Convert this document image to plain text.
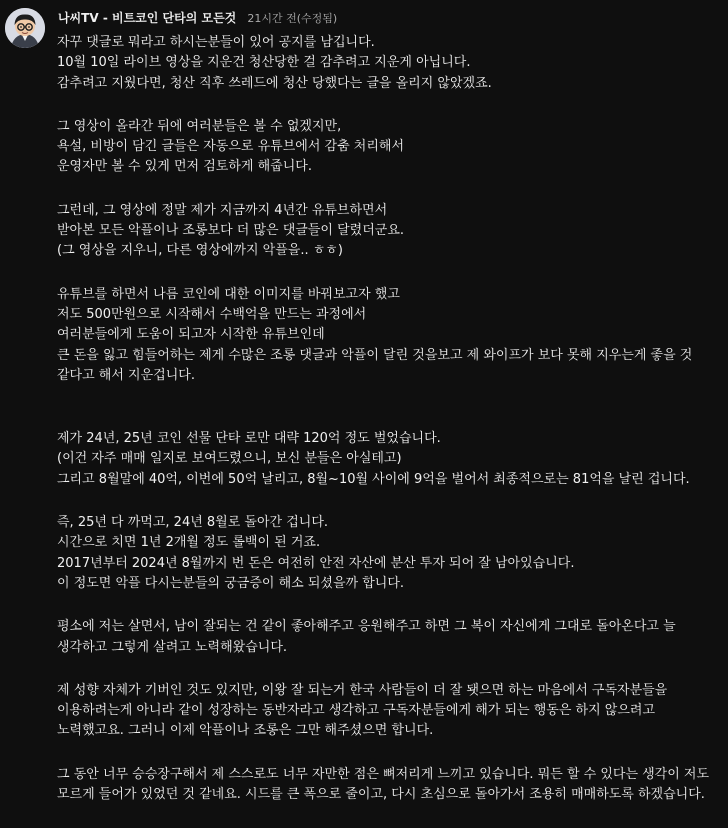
나씨TV - 비트코인 단타의 모든것 21시간 전(수정됨)
자꾸 댓글로 뭐라고 하시는분들이 있어 공지를 남깁니다.
10월 10일 라이브 영상을 지운건 청산당한 걸 감추려고 지운게 아닙니다.
감추려고 지웠다면, 청산 직후 쓰레드에 청산 당했다는 글을 올리지 않았겠죠.
그 영상이 올라간 뒤에 여러분들은 볼 수 없겠지만,
욕설, 비방이 담긴 글들은 자동으로 유튜브에서 감춤 처리해서
운영자만 볼 수 있게 먼저 검토하게 해줍니다.
그런데, 그 영상에 정말 제가 지금까지 4년간 유튜브하면서
받아본 모든 악플이나 조롱보다 더 많은 댓글들이 달렸더군요.
(그 영상을 지우니, 다른 영상에까지 악플을.. ㅎㅎ)
유튜브를 하면서 나름 코인에 대한 이미지를 바꿔보고자 했고
저도 500만원으로 시작해서 수백억을 만드는 과정에서
여러분들에게 도움이 되고자 시작한 유튜브인데
큰 돈을 잃고 힘들어하는 제게 수많은 조롱 댓글과 악플이 달린 것을보고 제 와이프가 보다 못해 지우는게 좋을 것 같다고 해서 지운겁니다.
제가 24년, 25년 코인 선물 단타 로만 대략 120억 정도 벌었습니다.
(이건 자주 매매 일지로 보여드렸으니, 보신 분들은 아실테고)
그리고 8월말에 40억, 이번에 50억 날리고, 8월~10월 사이에 9억을 벌어서 최종적으로는 81억을 날린 겁니다.
즉, 25년 다 까먹고, 24년 8월로 돌아간 겁니다.
시간으로 치면 1년 2개월 정도 롤백이 된 거죠.
2017년부터 2024년 8월까지 번 돈은 여전히 안전 자산에 분산 투자 되어 잘 남아있습니다.
이 정도면 악플 다시는분들의 궁금증이 해소 되셨을까 합니다.
평소에 저는 살면서, 남이 잘되는 건 같이 좋아해주고 응원해주고 하면 그 복이 자신에게 그대로 돌아온다고 늘 생각하고 그렇게 살려고 노력해왔습니다.
제 성향 자체가 기버인 것도 있지만, 이왕 잘 되는거 한국 사람들이 더 잘 됏으면 하는 마음에서 구독자분들을 이용하려는게 아니라 같이 성장하는 동반자라고 생각하고 구독자분들에게 해가 되는 행동은 하지 않으려고 노력했고요. 그러니 이제 악플이나 조롱은 그만 해주셨으면 합니다.
그 동안 너무 승승장구해서 제 스스로도 너무 자만한 점은 뼈저리게 느끼고 있습니다. 뭐든 할 수 있다는 생각이 저도 모르게 들어가 있었던 것 같네요. 시드를 큰 폭으로 줄이고, 다시 초심으로 돌아가서 조용히 매매하도록 하겠습니다.
